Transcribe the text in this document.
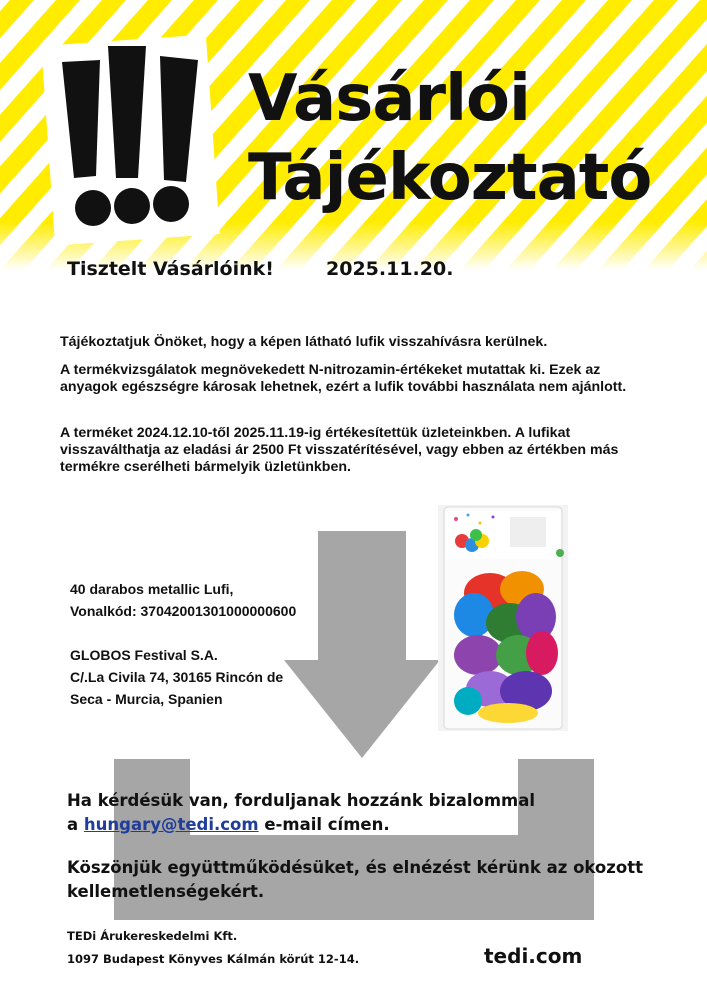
Vásárlói
Tájékoztató
Tisztelt Vásárlóink!	2025.11.20.
Tájékoztatjuk Önöket, hogy a képen látható lufik visszahívásra kerülnek.
A termékvizsgálatok megnövekedett N-nitrozamin-értékeket mutattak ki. Ezek az anyagok egészségre károsak lehetnek, ezért a lufik további használata nem ajánlott.
A terméket 2024.12.10-től 2025.11.19-ig értékesítettük üzleteinkben. A lufikat visszaválthatja az eladási ár 2500 Ft visszatérítésével, vagy ebben az értékben más termékre cserélheti bármelyik üzletünkben.
40 darabos metallic Lufi,
Vonalkód: 37042001301000000600
GLOBOS Festival S.A.
C/.La Civila 74, 30165 Rincón de
Seca - Murcia, Spanien
Ha kérdésük van, forduljanak hozzánk bizalommal
a hungary@tedi.com e-mail címen.
Köszönjük együttműködésüket, és elnézést kérünk az okozott
kellemetlenségekért.
TEDi Árukereskedelmi Kft.
1097 Budapest Könyves Kálmán körút 12-14.	tedi.com
